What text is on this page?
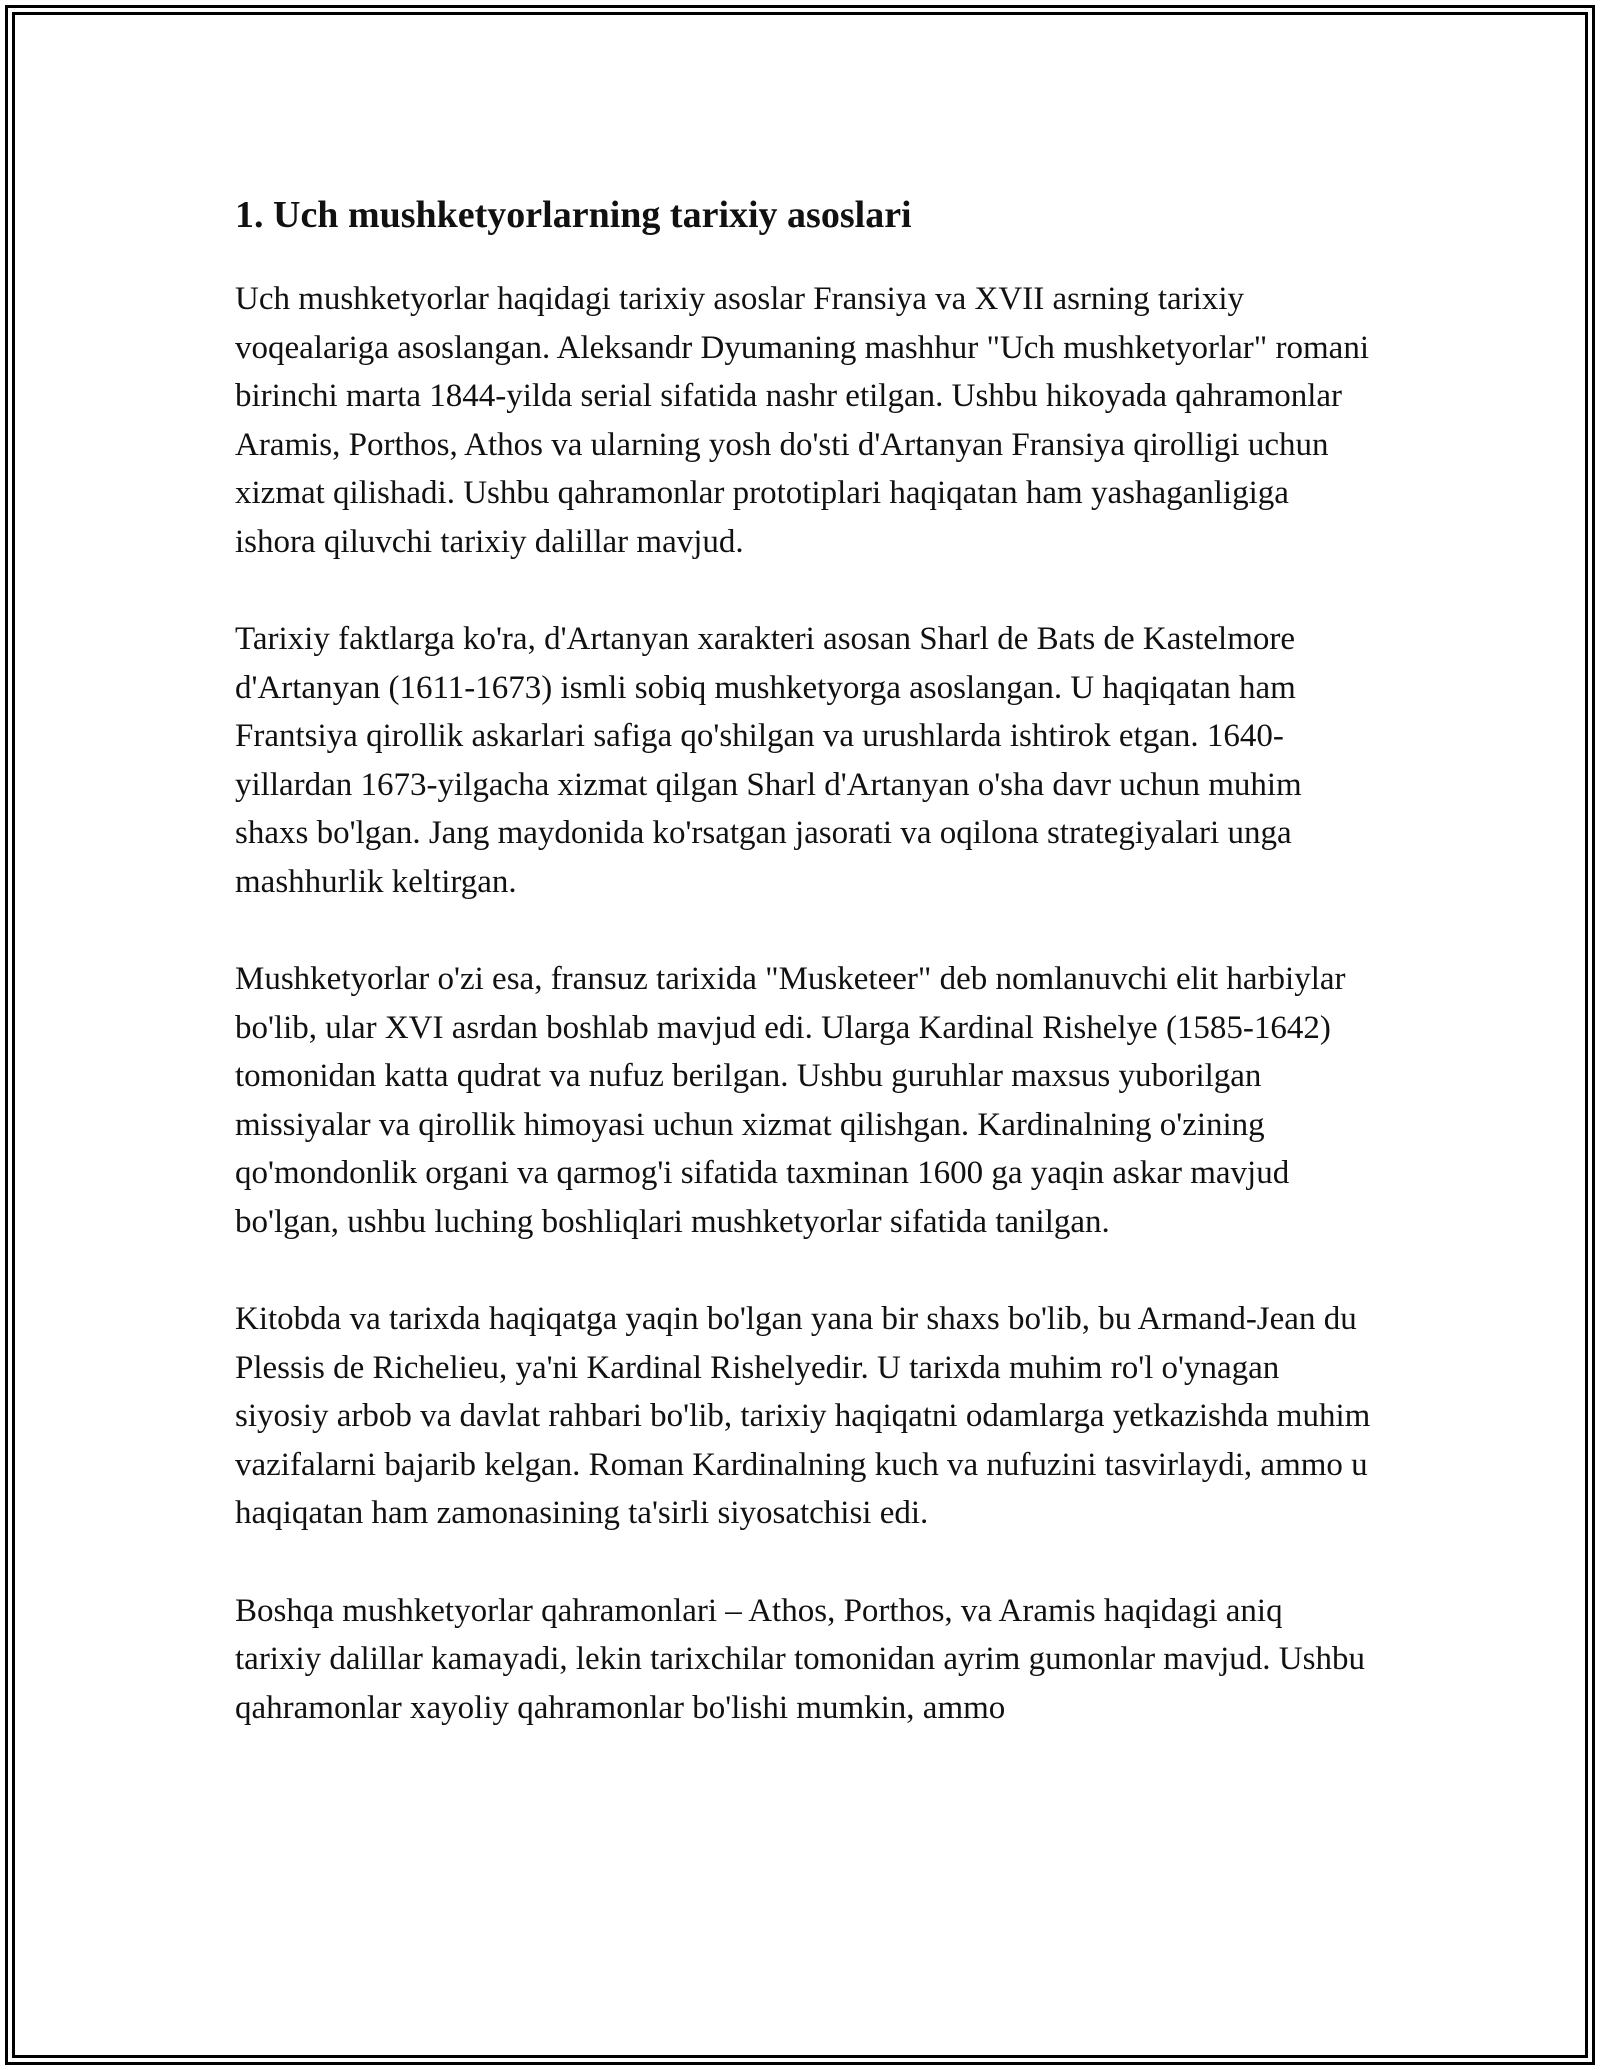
1. Uch mushketyorlarning tarixiy asoslari

Uch mushketyorlar haqidagi tarixiy asoslar Fransiya va XVII asrning tarixiy voqealariga asoslangan. Aleksandr Dyumaning mashhur "Uch mushketyorlar" romani birinchi marta 1844-yilda serial sifatida nashr etilgan. Ushbu hikoyada qahramonlar Aramis, Porthos, Athos va ularning yosh do'sti d'Artanyan Fransiya qirolligi uchun xizmat qilishadi. Ushbu qahramonlar prototiplari haqiqatan ham yashaganligiga ishora qiluvchi tarixiy dalillar mavjud.

Tarixiy faktlarga ko'ra, d'Artanyan xarakteri asosan Sharl de Bats de Kastelmore d'Artanyan (1611-1673) ismli sobiq mushketyorga asoslangan. U haqiqatan ham Frantsiya qirollik askarlari safiga qo'shilgan va urushlarda ishtirok etgan. 1640-yillardan 1673-yilgacha xizmat qilgan Sharl d'Artanyan o'sha davr uchun muhim shaxs bo'lgan. Jang maydonida ko'rsatgan jasorati va oqilona strategiyalari unga mashhurlik keltirgan.

Mushketyorlar o'zi esa, fransuz tarixida "Musketeer" deb nomlanuvchi elit harbiylar bo'lib, ular XVI asrdan boshlab mavjud edi. Ularga Kardinal Rishelye (1585-1642) tomonidan katta qudrat va nufuz berilgan. Ushbu guruhlar maxsus yuborilgan missiyalar va qirollik himoyasi uchun xizmat qilishgan. Kardinalning o'zining qo'mondonlik organi va qarmog'i sifatida taxminan 1600 ga yaqin askar mavjud bo'lgan, ushbu luching boshliqlari mushketyorlar sifatida tanilgan.

Kitobda va tarixda haqiqatga yaqin bo'lgan yana bir shaxs bo'lib, bu Armand-Jean du Plessis de Richelieu, ya'ni Kardinal Rishelyedir. U tarixda muhim ro'l o'ynagan siyosiy arbob va davlat rahbari bo'lib, tarixiy haqiqatni odamlarga yetkazishda muhim vazifalarni bajarib kelgan. Roman Kardinalning kuch va nufuzini tasvirlaydi, ammo u haqiqatan ham zamonasining ta'sirli siyosatchisi edi.

Boshqa mushketyorlar qahramonlari – Athos, Porthos, va Aramis haqidagi aniq tarixiy dalillar kamayadi, lekin tarixchilar tomonidan ayrim gumonlar mavjud. Ushbu qahramonlar xayoliy qahramonlar bo'lishi mumkin, ammo
